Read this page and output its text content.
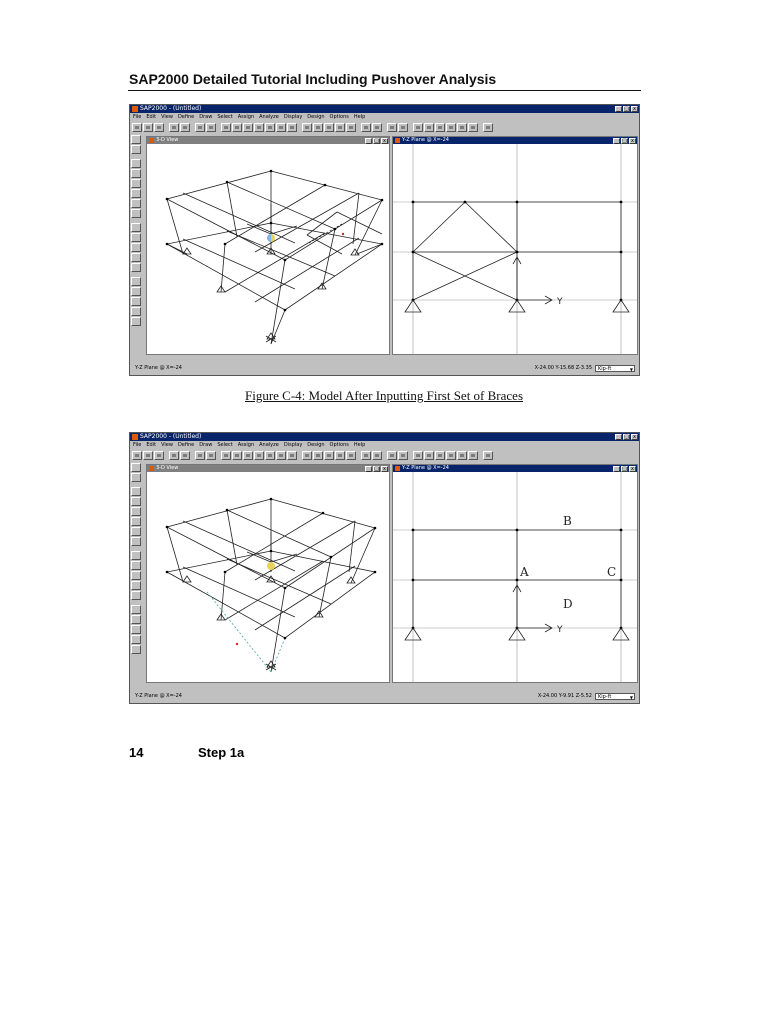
SAP2000 Detailed Tutorial Including Pushover Analysis
SAP2000 - (Untitled)	_ □ x
File Edit View Define Draw Select Assign Analyze Display Design Options Help
3-D View	_ □ x	Y-Z Plane @ X=-24	_ □ x
Y
Y-Z Plane @ X=-24	X-24.00 Y-15.68 Z-3.35	Kip-ft ▼
Figure C-4: Model After Inputting First Set of Braces
SAP2000 - (Untitled)	_ □ x
File Edit View Define Draw Select Assign Analyze Display Design Options Help
3-D View	_ □ x	Y-Z Plane @ X=-24	_ □ x
Y
A
B
C
D
Y-Z Plane @ X=-24	X-24.00 Y-9.91 Z-5.52	Kip-ft ▼
14	Step 1a
